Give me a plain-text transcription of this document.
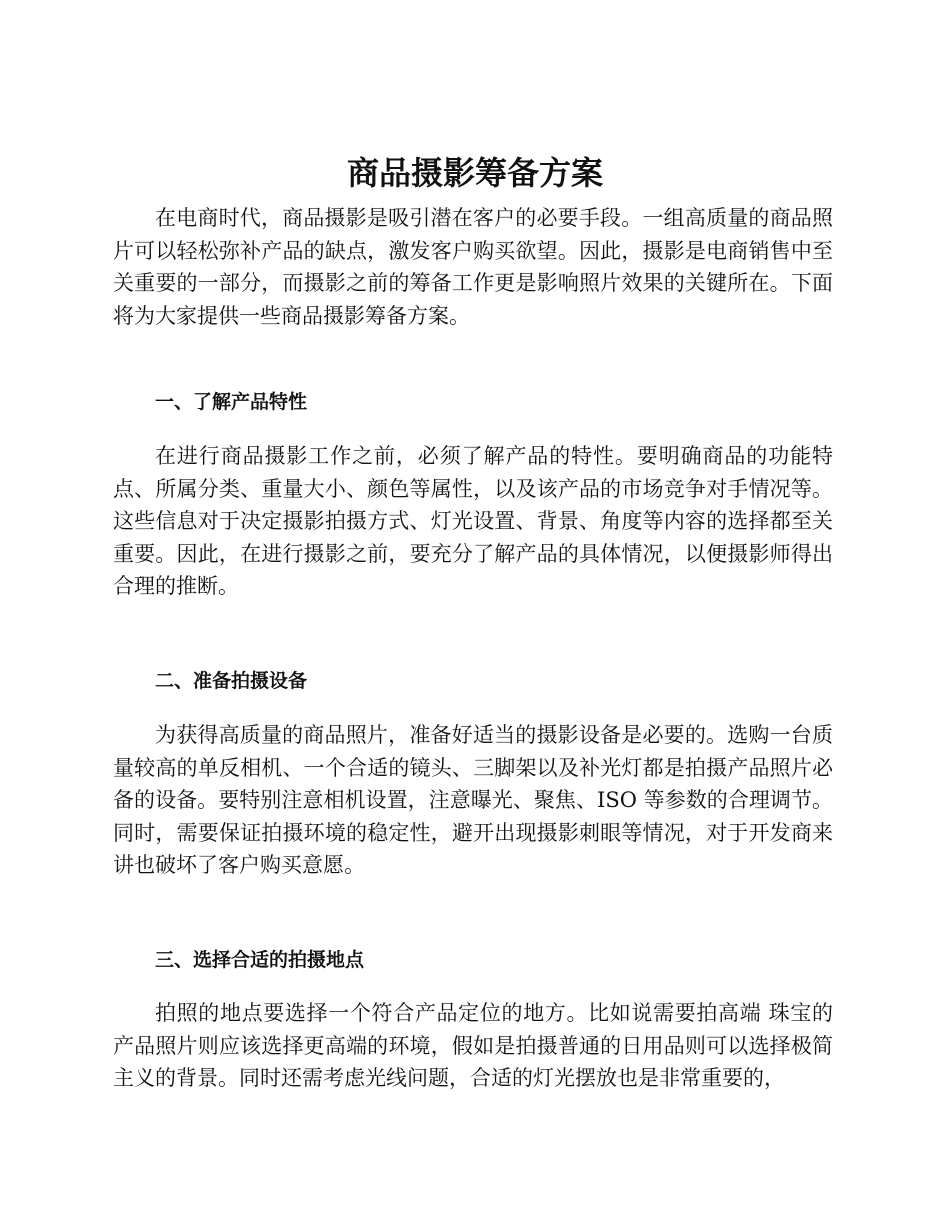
商品摄影筹备方案

在电商时代，商品摄影是吸引潜在客户的必要手段。一组高质量的商品照片可以轻松弥补产品的缺点，激发客户购买欲望。因此，摄影是电商销售中至关重要的一部分，而摄影之前的筹备工作更是影响照片效果的关键所在。下面将为大家提供一些商品摄影筹备方案。

一、了解产品特性

在进行商品摄影工作之前，必须了解产品的特性。要明确商品的功能特点、所属分类、重量大小、颜色等属性，以及该产品的市场竞争对手情况等。这些信息对于决定摄影拍摄方式、灯光设置、背景、角度等内容的选择都至关重要。因此，在进行摄影之前，要充分了解产品的具体情况，以便摄影师得出合理的推断。

二、准备拍摄设备

为获得高质量的商品照片，准备好适当的摄影设备是必要的。选购一台质量较高的单反相机、一个合适的镜头、三脚架以及补光灯都是拍摄产品照片必备的设备。要特别注意相机设置，注意曝光、聚焦、ISO 等参数的合理调节。同时，需要保证拍摄环境的稳定性，避开出现摄影刺眼等情况，对于开发商来讲也破坏了客户购买意愿。

三、选择合适的拍摄地点

拍照的地点要选择一个符合产品定位的地方。比如说需要拍高端 珠宝的产品照片则应该选择更高端的环境，假如是拍摄普通的日用品则可以选择极简主义的背景。同时还需考虑光线问题，合适的灯光摆放也是非常重要的，
